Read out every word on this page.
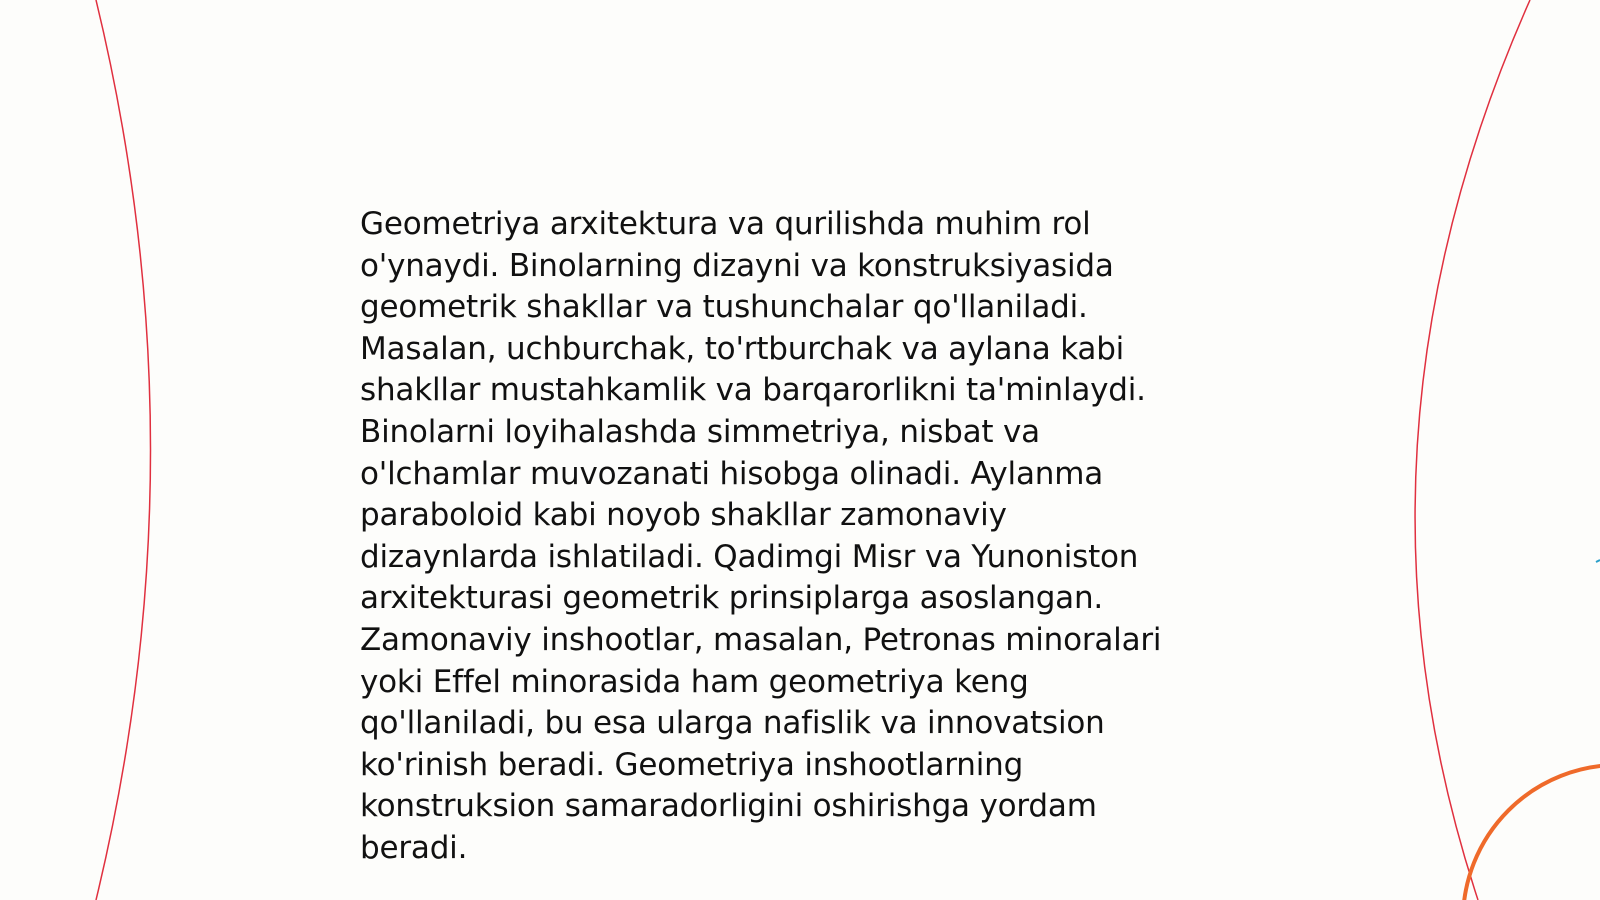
Geometriya arxitektura va qurilishda muhim rol
o'ynaydi. Binolarning dizayni va konstruksiyasida
geometrik shakllar va tushunchalar qo'llaniladi.
Masalan, uchburchak, to'rtburchak va aylana kabi
shakllar mustahkamlik va barqarorlikni ta'minlaydi.
Binolarni loyihalashda simmetriya, nisbat va
o'lchamlar muvozanati hisobga olinadi. Aylanma
paraboloid kabi noyob shakllar zamonaviy
dizaynlarda ishlatiladi. Qadimgi Misr va Yunoniston
arxitekturasi geometrik prinsiplarga asoslangan.
Zamonaviy inshootlar, masalan, Petronas minoralari
yoki Effel minorasida ham geometriya keng
qo'llaniladi, bu esa ularga nafislik va innovatsion
ko'rinish beradi. Geometriya inshootlarning
konstruksion samaradorligini oshirishga yordam
beradi.
